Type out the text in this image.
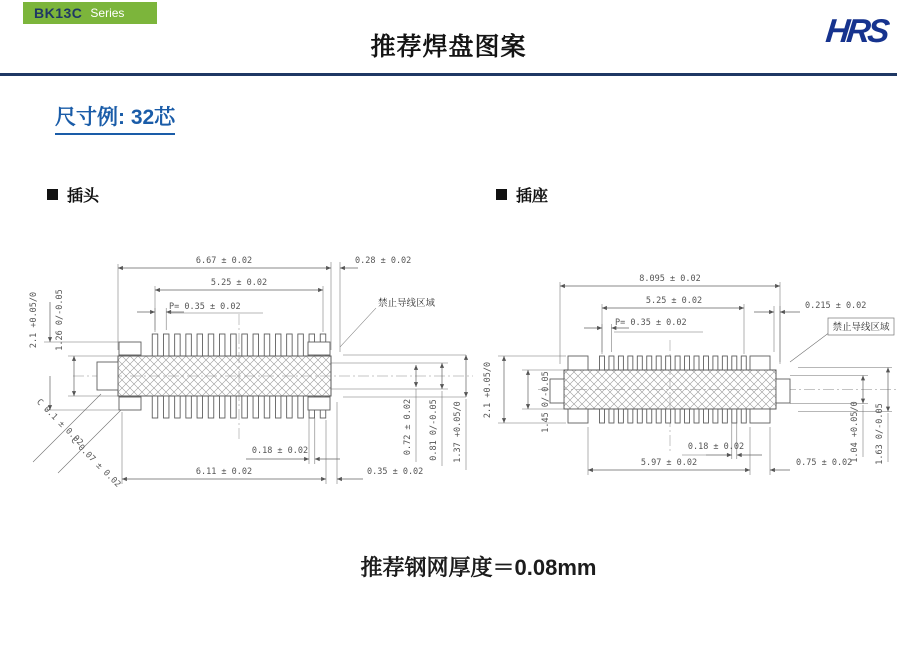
BK13C Series
推荐焊盘图案	HRS
尺寸例: 32芯
插头	插座
6.67 ± 0.02
5.25 ± 0.02
P= 0.35 ± 0.02
0.28 ± 0.02
禁止导线区域
2.1 +0.05/0 1.26 0/-0.05
C 0.1 ± 0.02
C 0.07 ± 0.02	0.18 ± 0.02
6.11 ± 0.02	0.35 ± 0.02
0.72 ± 0.02 0.81 0/-0.05 1.37 +0.05/0
8.095 ± 0.02
5.25 ± 0.02
P= 0.35 ± 0.02
0.215 ± 0.02
禁止导线区域
2.1 +0.05/0	1.45 0/-0.05
0.18 ± 0.02
5.97 ± 0.02	0.75 ± 0.02
1.04 +0.05/0 1.63 0/-0.05
推荐钢网厚度＝0.08mm
